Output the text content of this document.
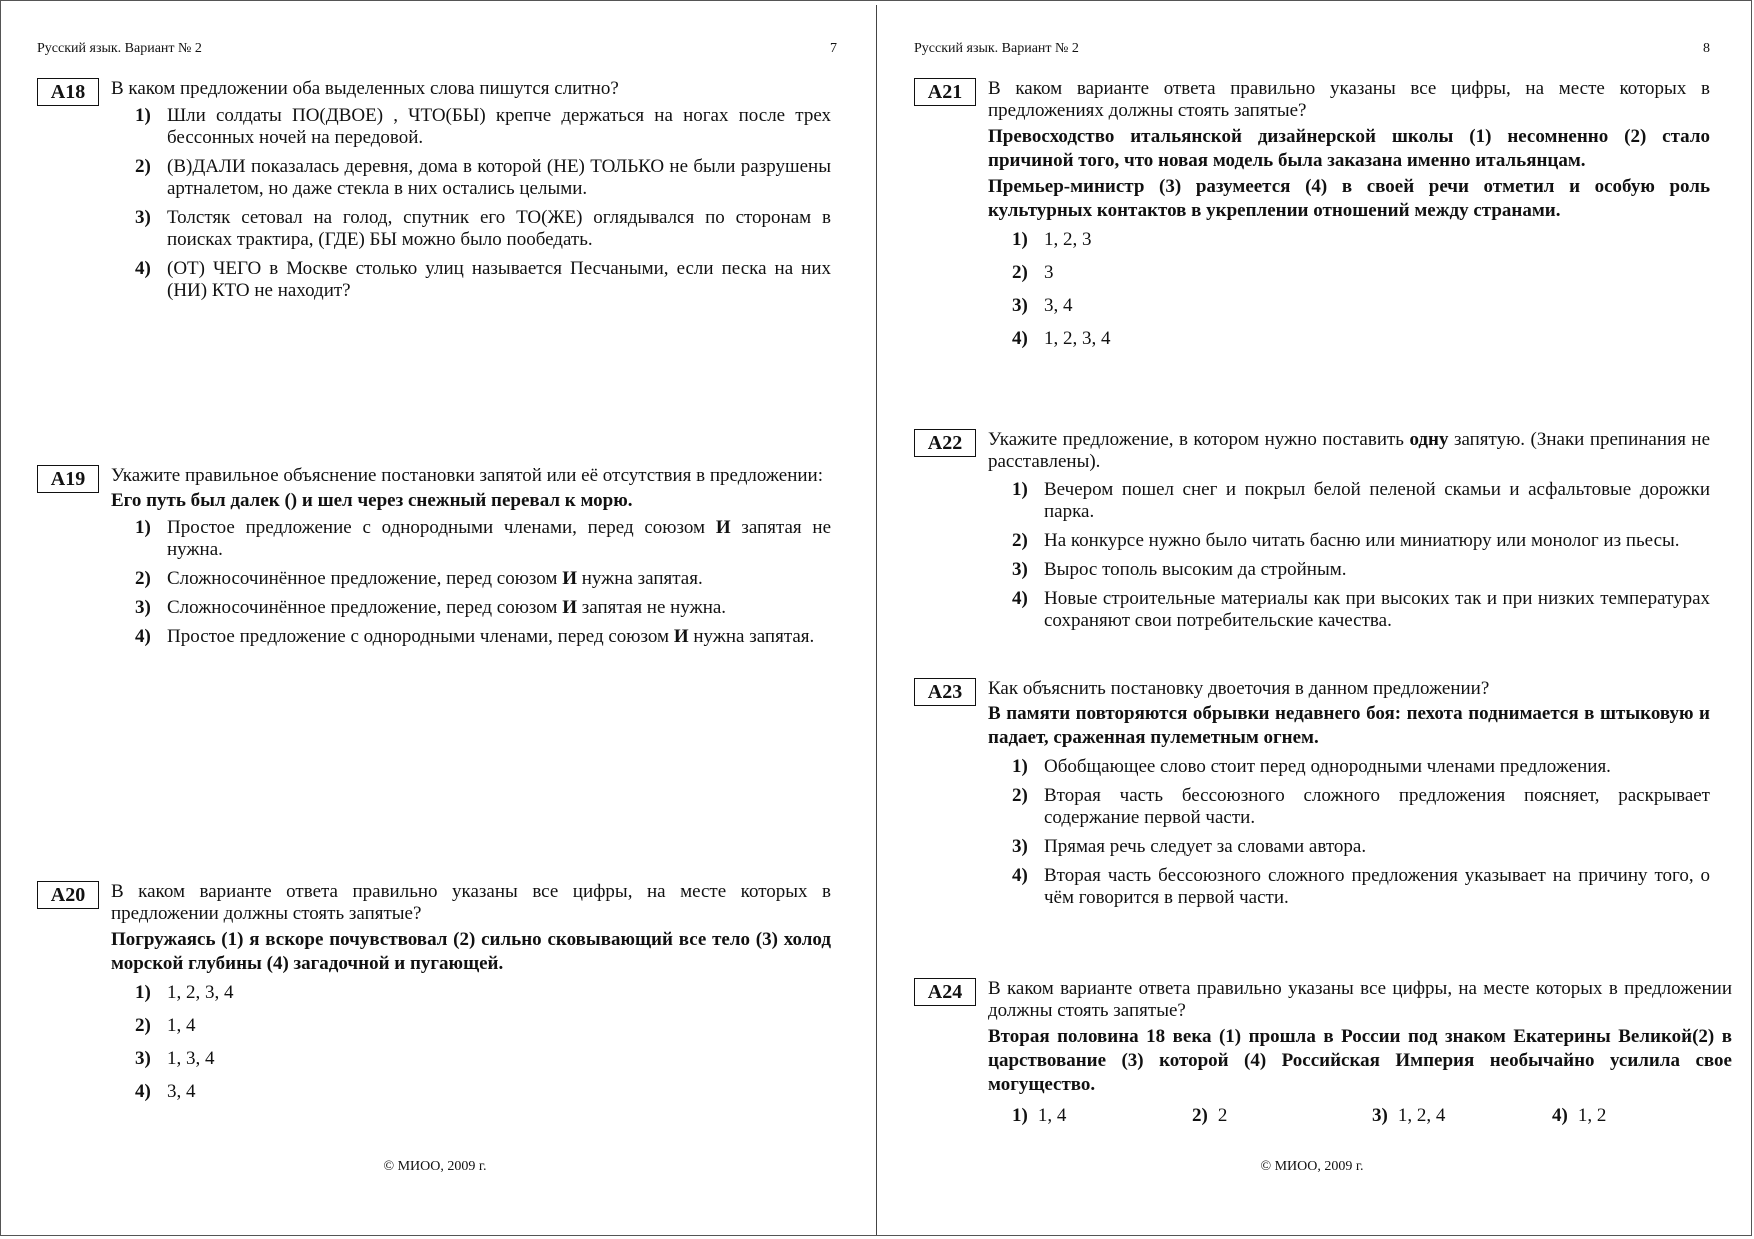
Русский язык. Вариант № 2	7
A18	В каком предложении оба выделенных слова пишутся слитно?

1) Шли солдаты ПО(ДВОЕ) , ЧТО(БЫ) крепче держаться на ногах после трех бессонных ночей на передовой.
2) (В)ДАЛИ показалась деревня, дома в которой (НЕ) ТОЛЬКО не были разрушены артналетом, но даже стекла в них остались целыми.
3) Толстяк сетовал на голод, спутник его ТО(ЖЕ) оглядывался по сторонам в поисках трактира, (ГДЕ) БЫ можно было пообедать.
4) (ОТ) ЧЕГО в Москве столько улиц называется Песчаными, если песка на них (НИ) КТО не находит?
A19	Укажите правильное объяснение постановки запятой или её отсутствия в предложении:

Его путь был далек () и шел через снежный перевал к морю.

1) Простое предложение с однородными членами, перед союзом И запятая не нужна.
2) Сложносочинённое предложение, перед союзом И нужна запятая.
3) Сложносочинённое предложение, перед союзом И запятая не нужна.
4) Простое предложение с однородными членами, перед союзом И нужна запятая.
A20	В каком варианте ответа правильно указаны все цифры, на месте которых в предложении должны стоять запятые?

Погружаясь (1) я вскоре почувствовал (2) сильно сковывающий все тело (3) холод морской глубины (4) загадочной и пугающей.

1) 1, 2, 3, 4
2) 1, 4
3) 1, 3, 4
4) 3, 4
© МИОО, 2009 г.
Русский язык. Вариант № 2	8
A21	В каком варианте ответа правильно указаны все цифры, на месте которых в предложениях должны стоять запятые?

Превосходство итальянской дизайнерской школы (1) несомненно (2) стало причиной того, что новая модель была заказана именно итальянцам.

Премьер-министр (3) разумеется (4) в своей речи отметил и особую роль культурных контактов в укреплении отношений между странами.

1) 1, 2, 3
2) 3
3) 3, 4
4) 1, 2, 3, 4
A22	Укажите предложение, в котором нужно поставить одну запятую. (Знаки препинания не расставлены).

1) Вечером пошел снег и покрыл белой пеленой скамьи и асфальтовые дорожки парка.
2) На конкурсе нужно было читать басню или миниатюру или монолог из пьесы.
3) Вырос тополь высоким да стройным.
4) Новые строительные материалы как при высоких так и при низких температурах сохраняют свои потребительские качества.
A23	Как объяснить постановку двоеточия в данном предложении?

В памяти повторяются обрывки недавнего боя: пехота поднимается в штыковую и падает, сраженная пулеметным огнем.

1) Обобщающее слово стоит перед однородными членами предложения.
2) Вторая часть бессоюзного сложного предложения поясняет, раскрывает содержание первой части.
3) Прямая речь следует за словами автора.
4) Вторая часть бессоюзного сложного предложения указывает на причину того, о чём говорится в первой части.
A24	В каком варианте ответа правильно указаны все цифры, на месте которых в предложении должны стоять запятые?

Вторая половина 18 века (1) прошла в России под знаком Екатерины Великой(2) в царствование (3) которой (4) Российская Империя необычайно усилила свое могущество.

1) 1, 4	2) 2	3) 1, 2, 4	4) 1, 2
© МИОО, 2009 г.
